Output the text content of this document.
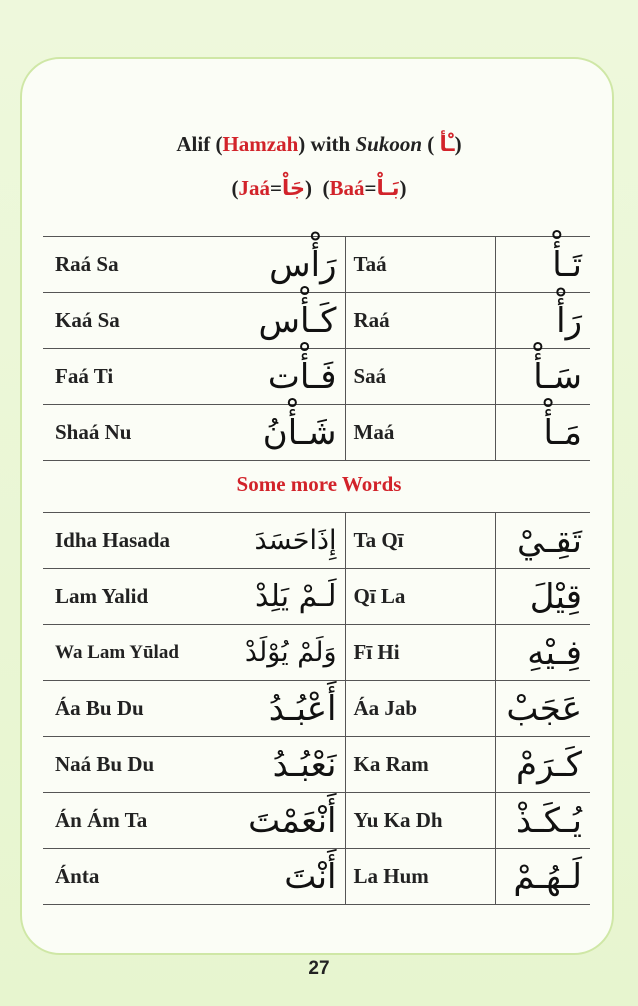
Alif (Hamzah) with Sukoon ( ـْأ)
(Jaá=جَاْ) (Baá=بَـاْ)
Raá Sa	رَأْس	Taá	تَـأْ
Kaá Sa	كَـأْس	Raá	رَأْ
Faá Ti	فَـأْت	Saá	سَـأْ
Shaá Nu	شَـأْنُ	Maá	مَـأْ
Some more Words
Idha Hasada	إِذَاحَسَدَ	Ta Qī	تَقِـيْ
Lam Yalid	لَـمْ يَلِدْ	Qī La	قِيْلَ
Wa Lam Yūlad	وَلَمْ يُوْلَدْ	Fī Hi	فِـيْهِ
Áa Bu Du	أَعْبُـدُ	Áa Jab	عَجَبْ
Naá Bu Du	نَعْبُـدُ	Ka Ram	كَـرَمْ
Án Ám Ta	أَنْعَمْتَ	Yu Ka Dh	يُـكَـذْ
Ánta	أَنْتَ	La Hum	لَـهُـمْ
27
